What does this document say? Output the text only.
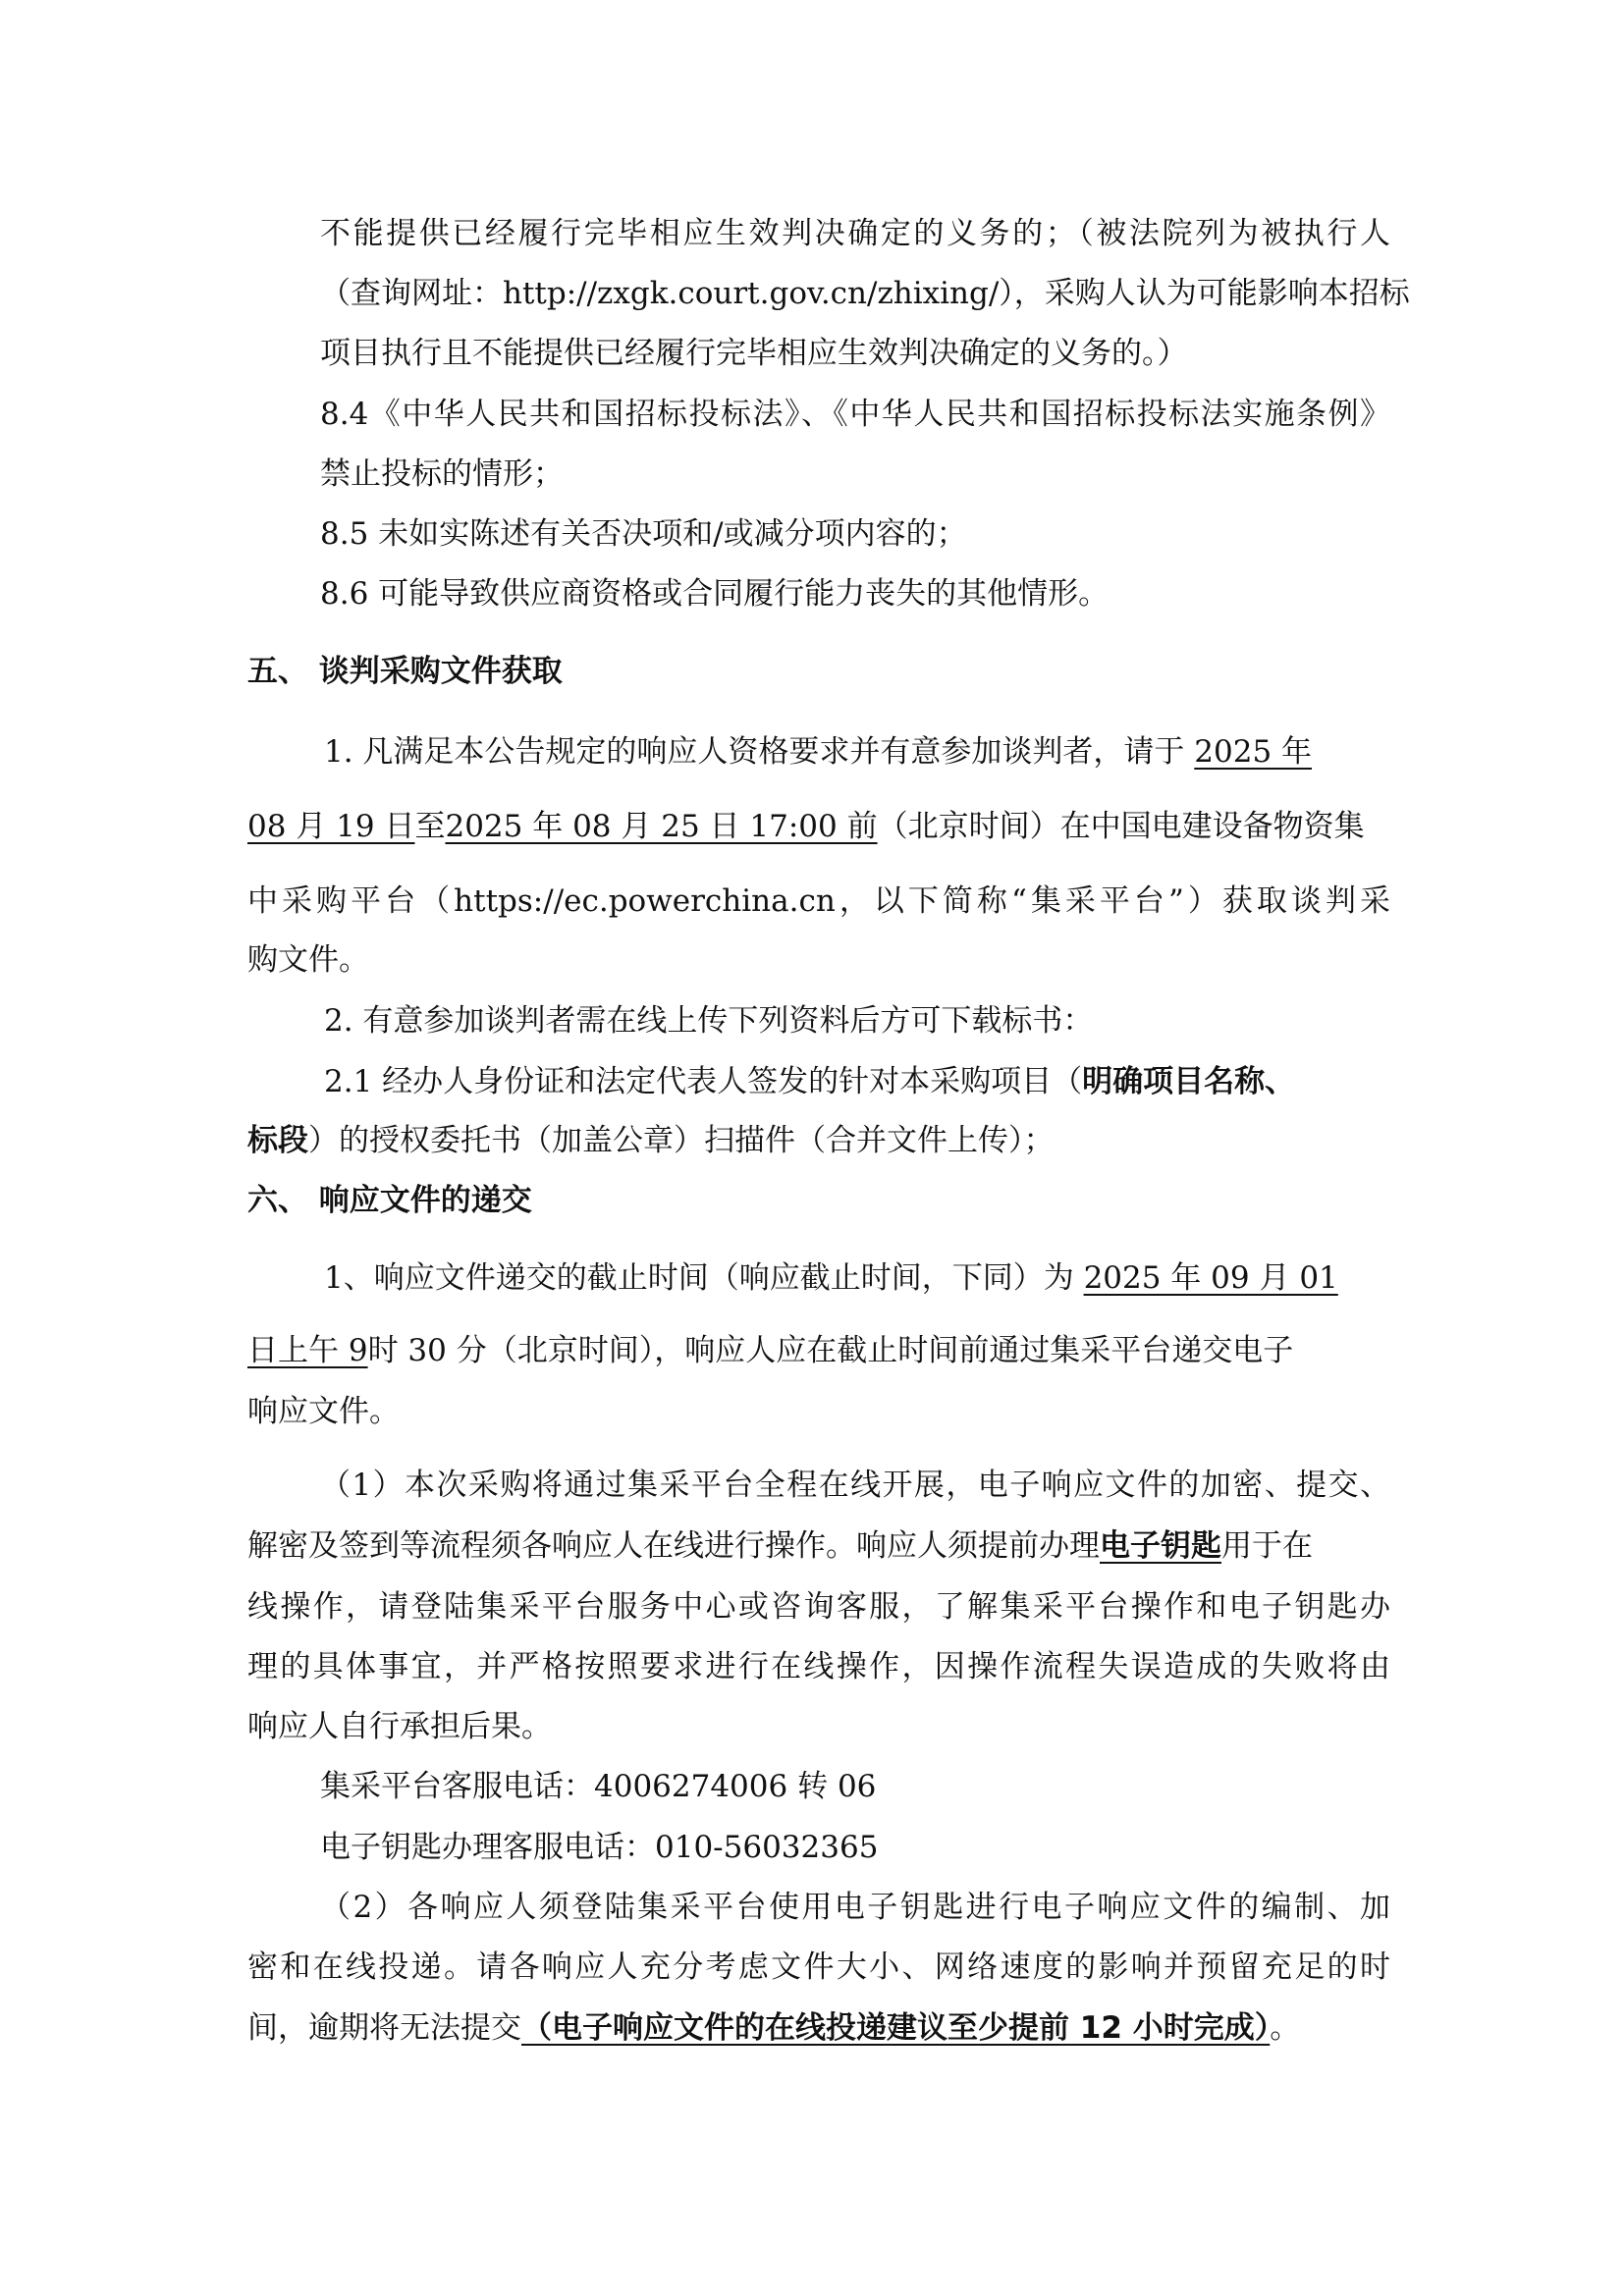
不能提供已经履行完毕相应生效判决确定的义务的；（被法院列为被执行人
（查询网址：http://zxgk.court.gov.cn/zhixing/），采购人认为可能影响本招标
项目执行且不能提供已经履行完毕相应生效判决确定的义务的。）
8.4《中华人民共和国招标投标法》、《中华人民共和国招标投标法实施条例》
禁止投标的情形；
8.5 未如实陈述有关否决项和/或减分项内容的；
8.6 可能导致供应商资格或合同履行能力丧失的其他情形。
五、 谈判采购文件获取
1. 凡满足本公告规定的响应人资格要求并有意参加谈判者，请于 2025 年
08 月 19 日至2025 年 08 月 25 日 17:00 前（北京时间）在中国电建设备物资集
中采购平台（https://ec.powerchina.cn，以下简称“集采平台”）获取谈判采
购文件。
2. 有意参加谈判者需在线上传下列资料后方可下载标书：
2.1 经办人身份证和法定代表人签发的针对本采购项目（明确项目名称、
标段）的授权委托书（加盖公章）扫描件（合并文件上传）；
六、 响应文件的递交
1、响应文件递交的截止时间（响应截止时间，下同）为 2025 年 09 月 01
日上午 9时 30 分（北京时间），响应人应在截止时间前通过集采平台递交电子
响应文件。
（1）本次采购将通过集采平台全程在线开展，电子响应文件的加密、提交、
解密及签到等流程须各响应人在线进行操作。响应人须提前办理电子钥匙用于在
线操作，请登陆集采平台服务中心或咨询客服，了解集采平台操作和电子钥匙办
理的具体事宜，并严格按照要求进行在线操作，因操作流程失误造成的失败将由
响应人自行承担后果。
集采平台客服电话：4006274006 转 06
电子钥匙办理客服电话：010-56032365
（2）各响应人须登陆集采平台使用电子钥匙进行电子响应文件的编制、加
密和在线投递。请各响应人充分考虑文件大小、网络速度的影响并预留充足的时
间，逾期将无法提交（电子响应文件的在线投递建议至少提前 12 小时完成）。
